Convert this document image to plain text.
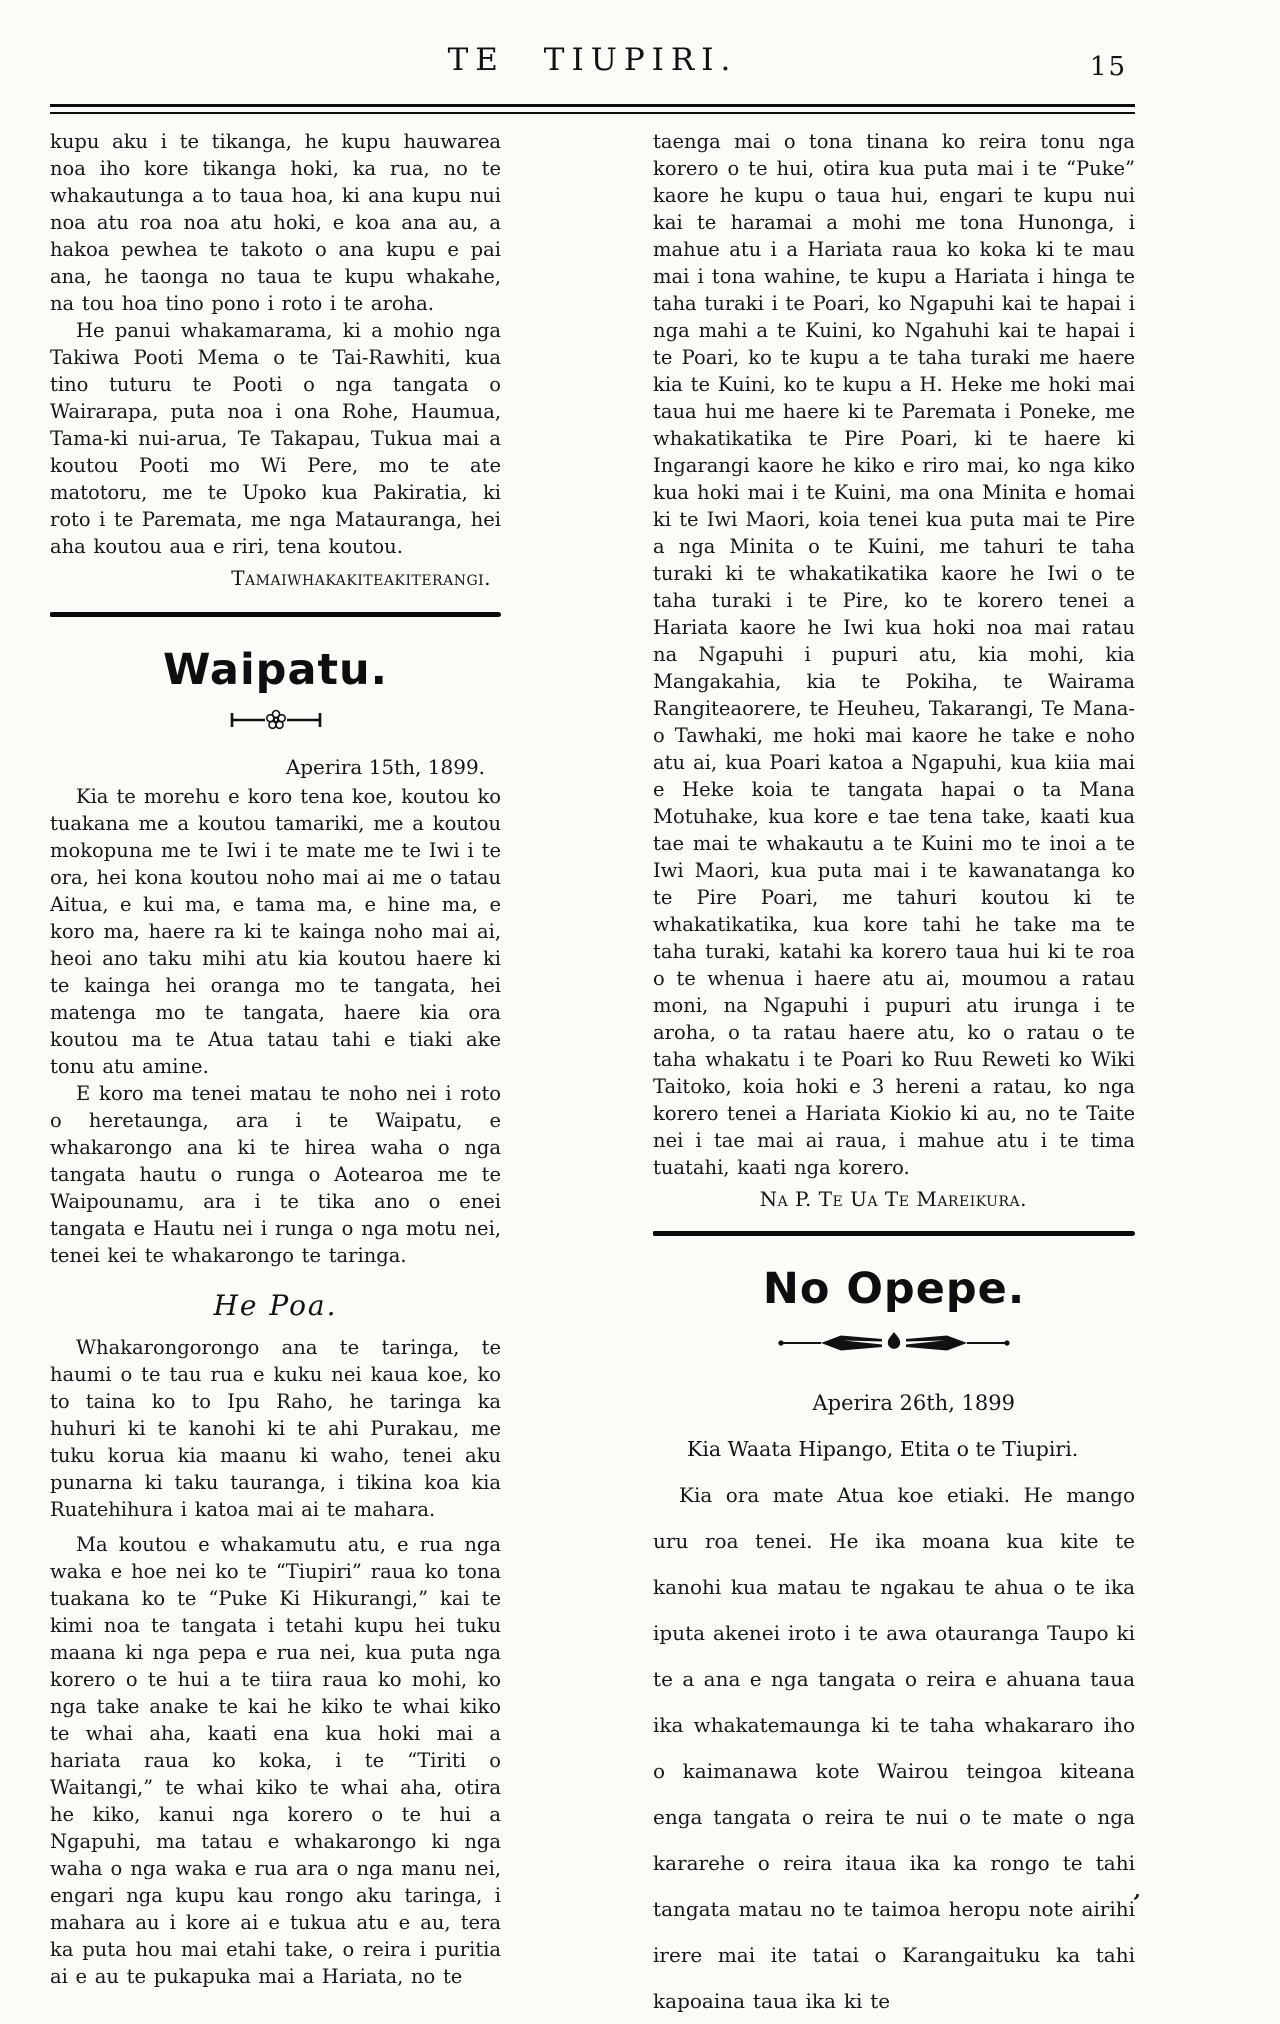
TE TIUPIRI.	15

kupu aku i te tikanga, he kupu hauwarea noa iho kore tikanga hoki, ka rua, no te whakautunga a to taua hoa, ki ana kupu nui noa atu roa noa atu hoki, e koa ana au, a hakoa pewhea te takoto o ana kupu e pai ana, he taonga no taua te kupu whakahe, na tou hoa tino pono i roto i te aroha.

He panui whakamarama, ki a mohio nga Takiwa Pooti Mema o te Tai-Rawhiti, kua tino tuturu te Pooti o nga tangata o Wairarapa, puta noa i ona Rohe, Haumua, Tama-ki nui-arua, Te Takapau, Tukua mai a koutou Pooti mo Wi Pere, mo te ate matotoru, me te Upoko kua Pakiratia, ki roto i te Paremata, me nga Matauranga, hei aha koutou aua e riri, tena koutou.

Tamaiwhakakiteakiterangi.

Waipatu.

Aperira 15th, 1899.

Kia te morehu e koro tena koe, koutou ko tuakana me a koutou tamariki, me a koutou mokopuna me te Iwi i te mate me te Iwi i te ora, hei kona koutou noho mai ai me o tatau Aitua, e kui ma, e tama ma, e hine ma, e koro ma, haere ra ki te kainga noho mai ai, heoi ano taku mihi atu kia koutou haere ki te kainga hei oranga mo te tangata, hei matenga mo te tangata, haere kia ora koutou ma te Atua tatau tahi e tiaki ake tonu atu amine.

E koro ma tenei matau te noho nei i roto o heretaunga, ara i te Waipatu, e whakarongo ana ki te hirea waha o nga tangata hautu o runga o Aotearoa me te Waipounamu, ara i te tika ano o enei tangata e Hautu nei i runga o nga motu nei, tenei kei te whakarongo te taringa.

He Poa.

Whakarongorongo ana te taringa, te haumi o te tau rua e kuku nei kaua koe, ko to taina ko to Ipu Raho, he taringa ka huhuri ki te kanohi ki te ahi Purakau, me tuku korua kia maanu ki waho, tenei aku punarna ki taku tauranga, i tikina koa kia Ruatehihura i katoa mai ai te mahara.

Ma koutou e whakamutu atu, e rua nga waka e hoe nei ko te “Tiupiri” raua ko tona tuakana ko te “Puke Ki Hikurangi,” kai te kimi noa te tangata i tetahi kupu hei tuku maana ki nga pepa e rua nei, kua puta nga korero o te hui a te tiira raua ko mohi, ko nga take anake te kai he kiko te whai kiko te whai aha, kaati ena kua hoki mai a hariata raua ko koka, i te “Tiriti o Waitangi,” te whai kiko te whai aha, otira he kiko, kanui nga korero o te hui a Ngapuhi, ma tatau e whakarongo ki nga waha o nga waka e rua ara o nga manu nei, engari nga kupu kau rongo aku taringa, i mahara au i kore ai e tukua atu e au, tera ka puta hou mai etahi take, o reira i puritia ai e au te pukapuka mai a Hariata, no te

taenga mai o tona tinana ko reira tonu nga korero o te hui, otira kua puta mai i te “Puke” kaore he kupu o taua hui, engari te kupu nui kai te haramai a mohi me tona Hunonga, i mahue atu i a Hariata raua ko koka ki te mau mai i tona wahine, te kupu a Hariata i hinga te taha turaki i te Poari, ko Ngapuhi kai te hapai i nga mahi a te Kuini, ko Ngahuhi kai te hapai i te Poari, ko te kupu a te taha turaki me haere kia te Kuini, ko te kupu a H. Heke me hoki mai taua hui me haere ki te Paremata i Poneke, me whakatikatika te Pire Poari, ki te haere ki Ingarangi kaore he kiko e riro mai, ko nga kiko kua hoki mai i te Kuini, ma ona Minita e homai ki te Iwi Maori, koia tenei kua puta mai te Pire a nga Minita o te Kuini, me tahuri te taha turaki ki te whakatikatika kaore he Iwi o te taha turaki i te Pire, ko te korero tenei a Hariata kaore he Iwi kua hoki noa mai ratau na Ngapuhi i pupuri atu, kia mohi, kia Mangakahia, kia te Pokiha, te Wairama Rangiteaorere, te Heuheu, Takarangi, Te Mana-o Tawhaki, me hoki mai kaore he take e noho atu ai, kua Poari katoa a Ngapuhi, kua kiia mai e Heke koia te tangata hapai o ta Mana Motuhake, kua kore e tae tena take, kaati kua tae mai te whakautu a te Kuini mo te inoi a te Iwi Maori, kua puta mai i te kawanatanga ko te Pire Poari, me tahuri koutou ki te whakatikatika, kua kore tahi he take ma te taha turaki, katahi ka korero taua hui ki te roa o te whenua i haere atu ai, moumou a ratau moni, na Ngapuhi i pupuri atu irunga i te aroha, o ta ratau haere atu, ko o ratau o te taha whakatu i te Poari ko Ruu Reweti ko Wiki Taitoko, koia hoki e 3 hereni a ratau, ko nga korero tenei a Hariata Kiokio ki au, no te Taite nei i tae mai ai raua, i mahue atu i te tima tuatahi, kaati nga korero.

Na P. Te Ua Te Mareikura.

No Opepe.

Aperira 26th, 1899

Kia Waata Hipango, Etita o te Tiupiri.

Kia ora mate Atua koe etiaki. He mango uru roa tenei. He ika moana kua kite te kanohi kua matau te ngakau te ahua o te ika iputa akenei iroto i te awa otauranga Taupo ki te a ana e nga tangata o reira e ahuana taua ika whakatemaunga ki te taha whakararo iho o kaimanawa kote Wairou teingoa kiteana enga tangata o reira te nui o te mate o nga kararehe o reira itaua ika ka rongo te tahi tangata matau no te taimoa heropu note airihi irere mai ite tatai o Karangaituku ka tahi kapoaina taua ika ki te

’
